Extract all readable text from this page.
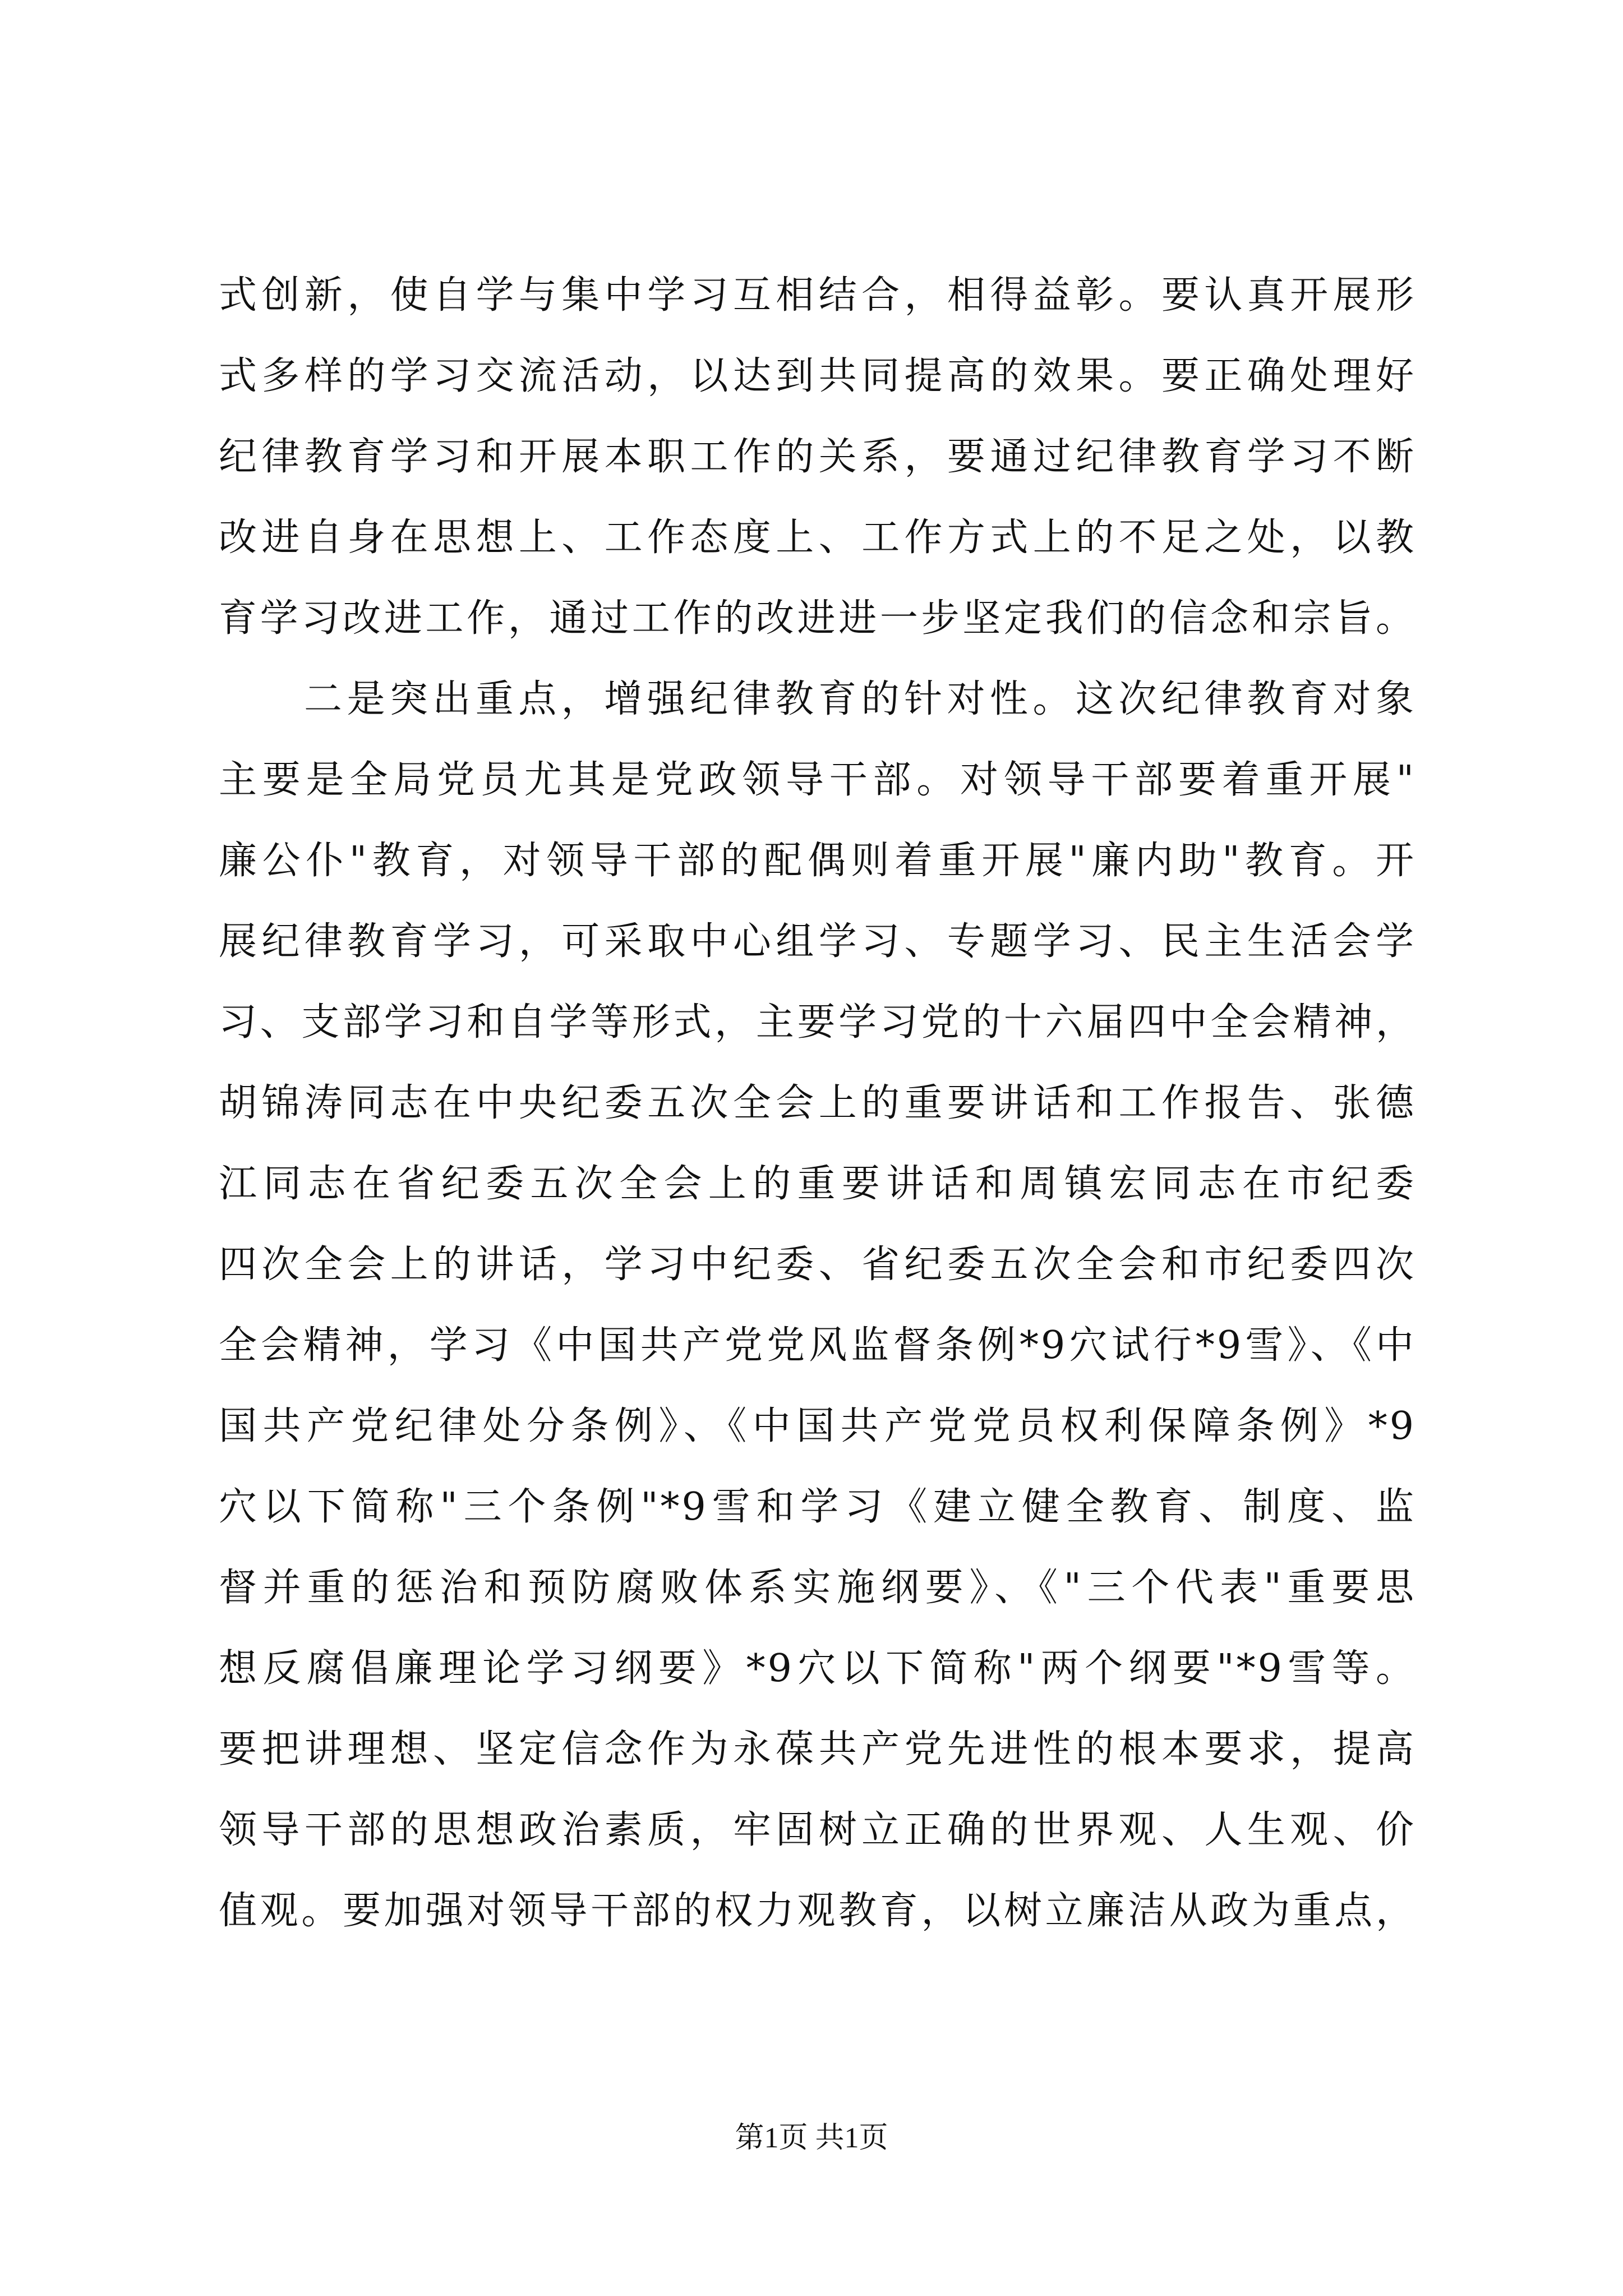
式创新，使自学与集中学习互相结合，相得益彰。要认真开展形
式多样的学习交流活动，以达到共同提高的效果。要正确处理好
纪律教育学习和开展本职工作的关系，要通过纪律教育学习不断
改进自身在思想上、工作态度上、工作方式上的不足之处，以教
育学习改进工作，通过工作的改进进一步坚定我们的信念和宗旨。
二是突出重点，增强纪律教育的针对性。这次纪律教育对象
主要是全局党员尤其是党政领导干部。对领导干部要着重开展"
廉公仆"教育，对领导干部的配偶则着重开展"廉内助"教育。开
展纪律教育学习，可采取中心组学习、专题学习、民主生活会学
习、支部学习和自学等形式，主要学习党的十六届四中全会精神，
胡锦涛同志在中央纪委五次全会上的重要讲话和工作报告、张德
江同志在省纪委五次全会上的重要讲话和周镇宏同志在市纪委
四次全会上的讲话，学习中纪委、省纪委五次全会和市纪委四次
全会精神，学习《中国共产党党风监督条例*9穴试行*9雪》、《中
国共产党纪律处分条例》、《中国共产党党员权利保障条例》*9
穴以下简称"三个条例"*9雪和学习《建立健全教育、制度、监
督并重的惩治和预防腐败体系实施纲要》、《"三个代表"重要思
想反腐倡廉理论学习纲要》*9穴以下简称"两个纲要"*9雪等。
要把讲理想、坚定信念作为永葆共产党先进性的根本要求，提高
领导干部的思想政治素质，牢固树立正确的世界观、人生观、价
值观。要加强对领导干部的权力观教育，以树立廉洁从政为重点，
第1页 共1页
